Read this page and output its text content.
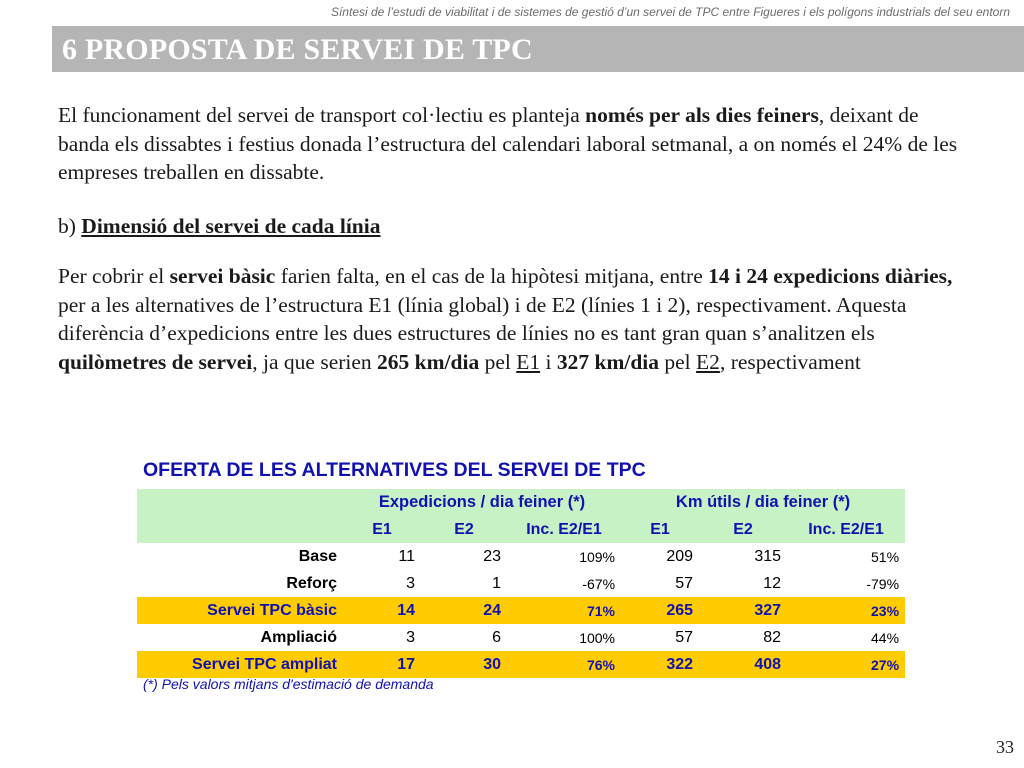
Síntesi de l’estudi de viabilitat i de sistemes de gestió d’un servei de TPC entre Figueres i els polígons industrials del seu entorn
6 PROPOSTA DE SERVEI DE TPC
El funcionament del servei de transport col·lectiu es planteja només per als dies feiners, deixant de banda els dissabtes i festius donada l’estructura del calendari laboral setmanal, a on només el 24% de les empreses treballen en dissabte.
b) Dimensió del servei de cada línia
Per cobrir el servei bàsic farien falta, en el cas de la hipòtesi mitjana, entre 14 i 24 expedicions diàries, per a les alternatives de l’estructura E1 (línia global) i de E2 (línies 1 i 2), respectivament. Aquesta diferència d’expedicions entre les dues estructures de línies no es tant gran quan s’analitzen els quilòmetres de servei, ja que serien 265 km/dia pel E1 i 327 km/dia pel E2, respectivament
OFERTA DE LES ALTERNATIVES DEL SERVEI DE TPC
	Expedicions / dia feiner (*)			Km útils / dia feiner (*)		
	E1	E2	Inc. E2/E1	E1	E2	Inc. E2/E1
Base	11	23	109%	209	315	51%
Reforç	3	1	-67%	57	12	-79%
Servei TPC bàsic	14	24	71%	265	327	23%
Ampliació	3	6	100%	57	82	44%
Servei TPC ampliat	17	30	76%	322	408	27%
(*) Pels valors mitjans d'estimació de demanda
33
